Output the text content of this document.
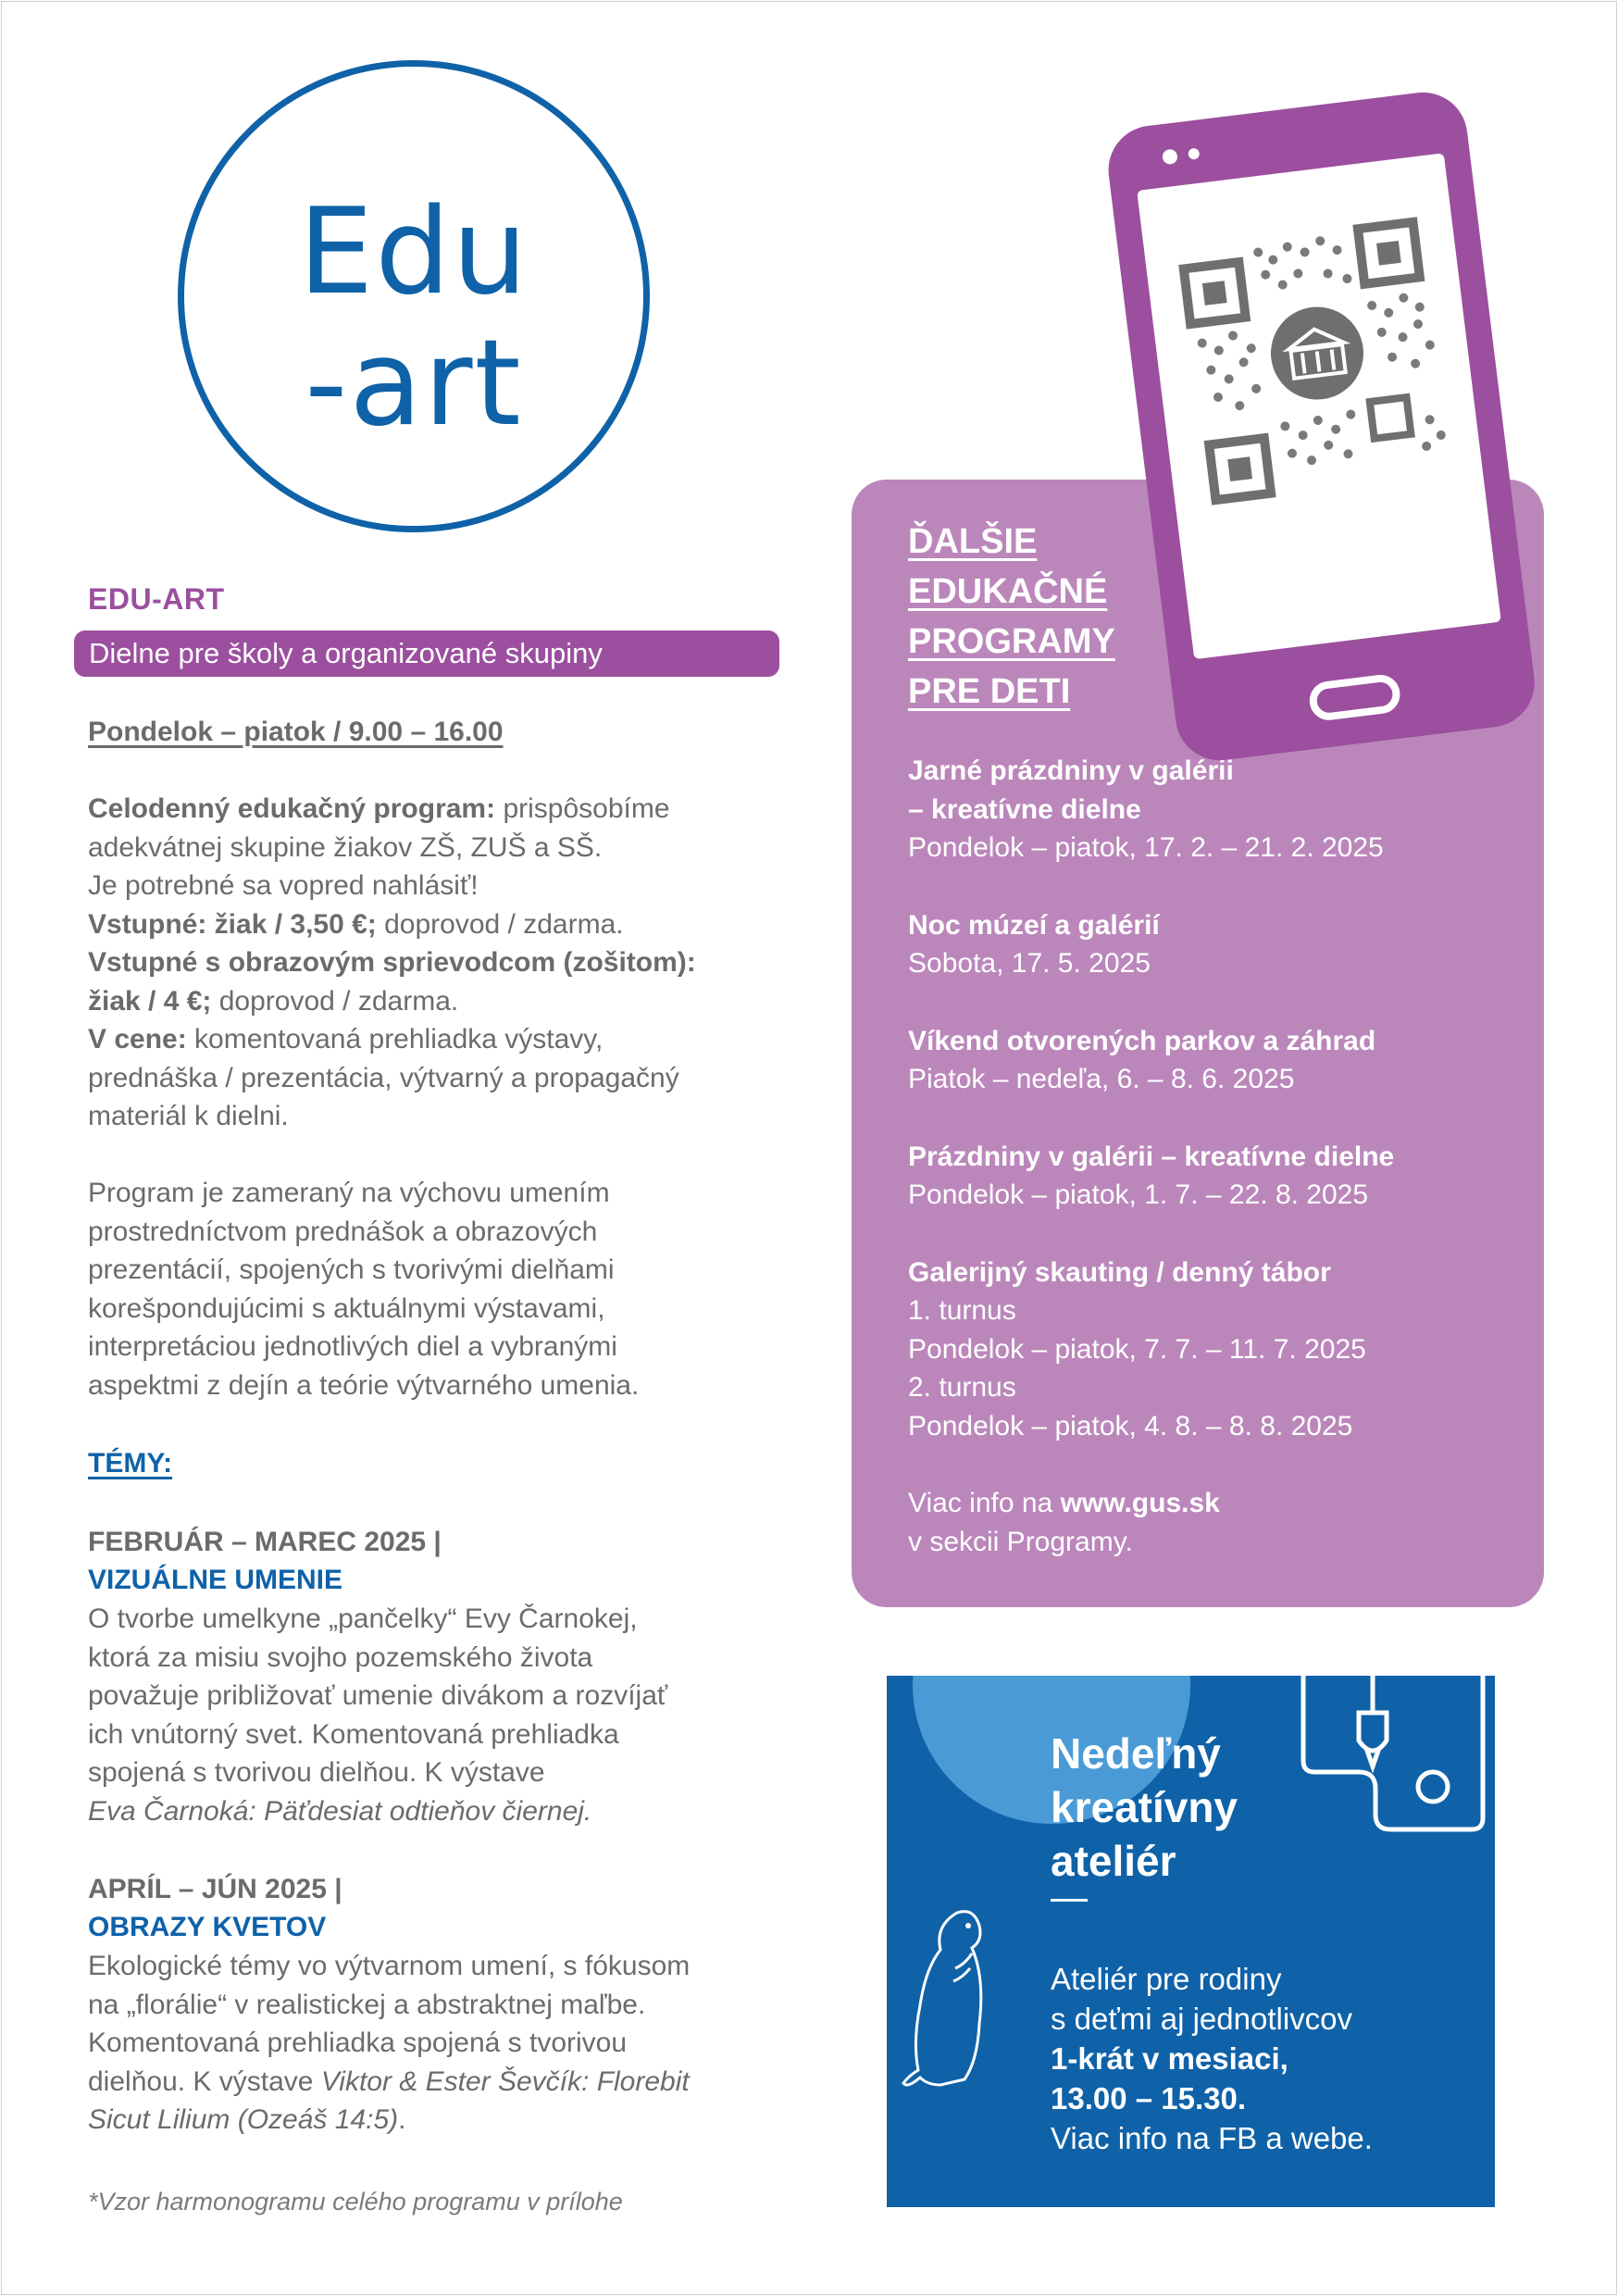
Edu
-art
EDU-ART
Dielne pre školy a organizované skupiny

Pondelok – piatok / 9.00 – 16.00

Celodenný edukačný program: prispôsobíme

adekvátnej skupine žiakov ZŠ, ZUŠ a SŠ.

Je potrebné sa vopred nahlásiť!

Vstupné: žiak / 3,50 €; doprovod / zdarma.

Vstupné s obrazovým sprievodcom (zošitom):

žiak / 4 €; doprovod / zdarma.

V cene: komentovaná prehliadka výstavy,

prednáška / prezentácia, výtvarný a propagačný

materiál k dielni.

Program je zameraný na výchovu umením

prostredníctvom prednášok a obrazových

prezentácií, spojených s tvorivými dielňami

korešpondujúcimi s aktuálnymi výstavami,

interpretáciou jednotlivých diel a vybranými

aspektmi z dejín a teórie výtvarného umenia.

TÉMY:

FEBRUÁR – MAREC 2025 |

VIZUÁLNE UMENIE

O tvorbe umelkyne „pančelky“ Evy Čarnokej,

ktorá za misiu svojho pozemského života

považuje približovať umenie divákom a rozvíjať

ich vnútorný svet. Komentovaná prehliadka

spojená s tvorivou dielňou. K výstave

Eva Čarnoká: Päťdesiat odtieňov čiernej.

APRÍL – JÚN 2025 |

OBRAZY KVETOV

Ekologické témy vo výtvarnom umení, s fókusom

na „florálie“ v realistickej a abstraktnej maľbe.

Komentovaná prehliadka spojená s tvorivou

dielňou. K výstave Viktor & Ester Ševčík: Florebit

Sicut Lilium (Ozeáš 14:5).

*Vzor harmonogramu celého programu v prílohe

ĎALŠIE
EDUKAČNÉ
PROGRAMY
PRE DETI

Jarné prázdniny v galérii

– kreatívne dielne

Pondelok – piatok, 17. 2. – 21. 2. 2025

Noc múzeí a galérií

Sobota, 17. 5. 2025

Víkend otvorených parkov a záhrad

Piatok – nedeľa, 6. – 8. 6. 2025

Prázdniny v galérii – kreatívne dielne

Pondelok – piatok, 1. 7. – 22. 8. 2025

Galerijný skauting / denný tábor

1. turnus

Pondelok – piatok, 7. 7. – 11. 7. 2025

2. turnus

Pondelok – piatok, 4. 8. – 8. 8. 2025

Viac info na www.gus.sk

v sekcii Programy.

Nedeľný
kreatívny
ateliér
Ateliér pre rodiny
s deťmi aj jednotlivcov
1-krát v mesiaci,
13.00 – 15.30.
Viac info na FB a webe.
